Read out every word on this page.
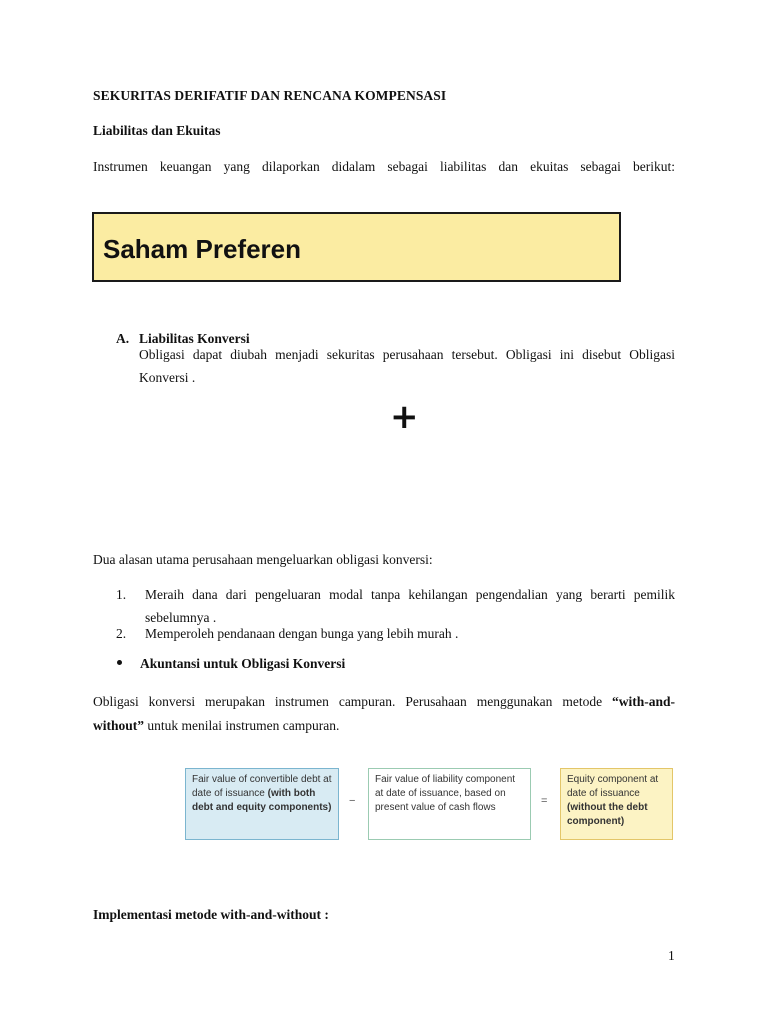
SEKURITAS DERIFATIF DAN RENCANA KOMPENSASI
Liabilitas dan Ekuitas
Instrumen keuangan yang dilaporkan didalam sebagai liabilitas dan ekuitas sebagai berikut:
Saham Preferen
A. Liabilitas Konversi
Obligasi dapat diubah menjadi sekuritas perusahaan tersebut. Obligasi ini disebut Obligasi
Konversi .
+
Dua alasan utama perusahaan mengeluarkan obligasi konversi:
1. Meraih dana dari pengeluaran modal tanpa kehilangan pengendalian yang berarti pemilik
sebelumnya .
2. Memperoleh pendanaan dengan bunga yang lebih murah .
Akuntansi untuk Obligasi Konversi
Obligasi konversi merupakan instrumen campuran. Perusahaan menggunakan metode “with-and-
without” untuk menilai instrumen campuran.
Fair value of convertible debt at date of issuance (with both debt and equity components)
−
Fair value of liability component at date of issuance, based on present value of cash flows
=
Equity component at date of issuance (without the debt component)
Implementasi metode with-and-without :
1
